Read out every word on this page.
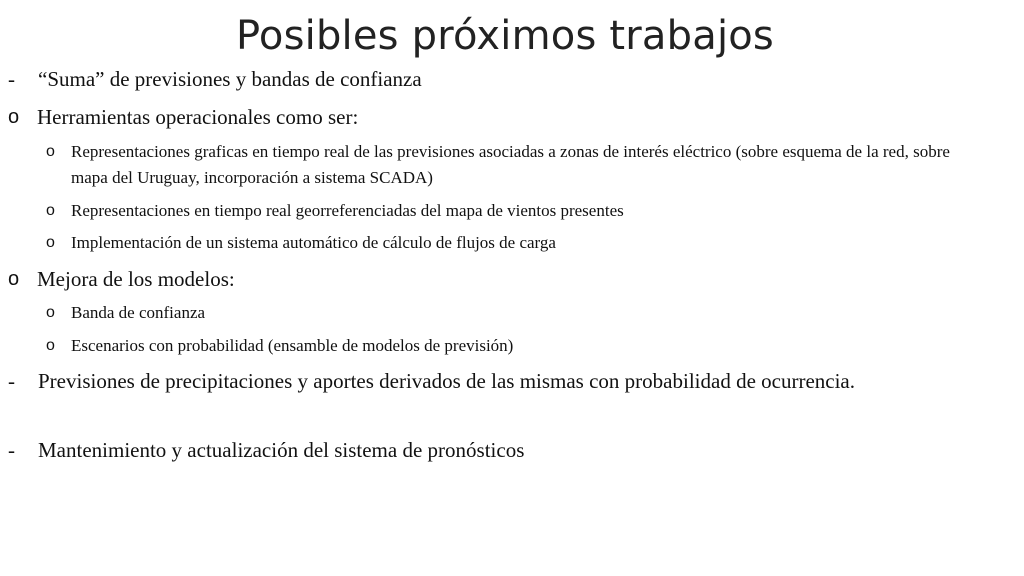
Posibles próximos trabajos
-	“Suma” de previsiones y bandas de confianza
o Herramientas operacionales como ser:
o Representaciones graficas en tiempo real de las previsiones asociadas a zonas de interés eléctrico (sobre esquema de la red, sobre mapa del Uruguay, incorporación a sistema SCADA)
o Representaciones en tiempo real georreferenciadas del mapa de vientos presentes
o Implementación de un sistema automático de cálculo de flujos de carga
o Mejora de los modelos:
o Banda de confianza
o Escenarios con probabilidad (ensamble de modelos de previsión)
-	Previsiones de precipitaciones y aportes derivados de las mismas con probabilidad de ocurrencia.
-	Mantenimiento y actualización del sistema de pronósticos
